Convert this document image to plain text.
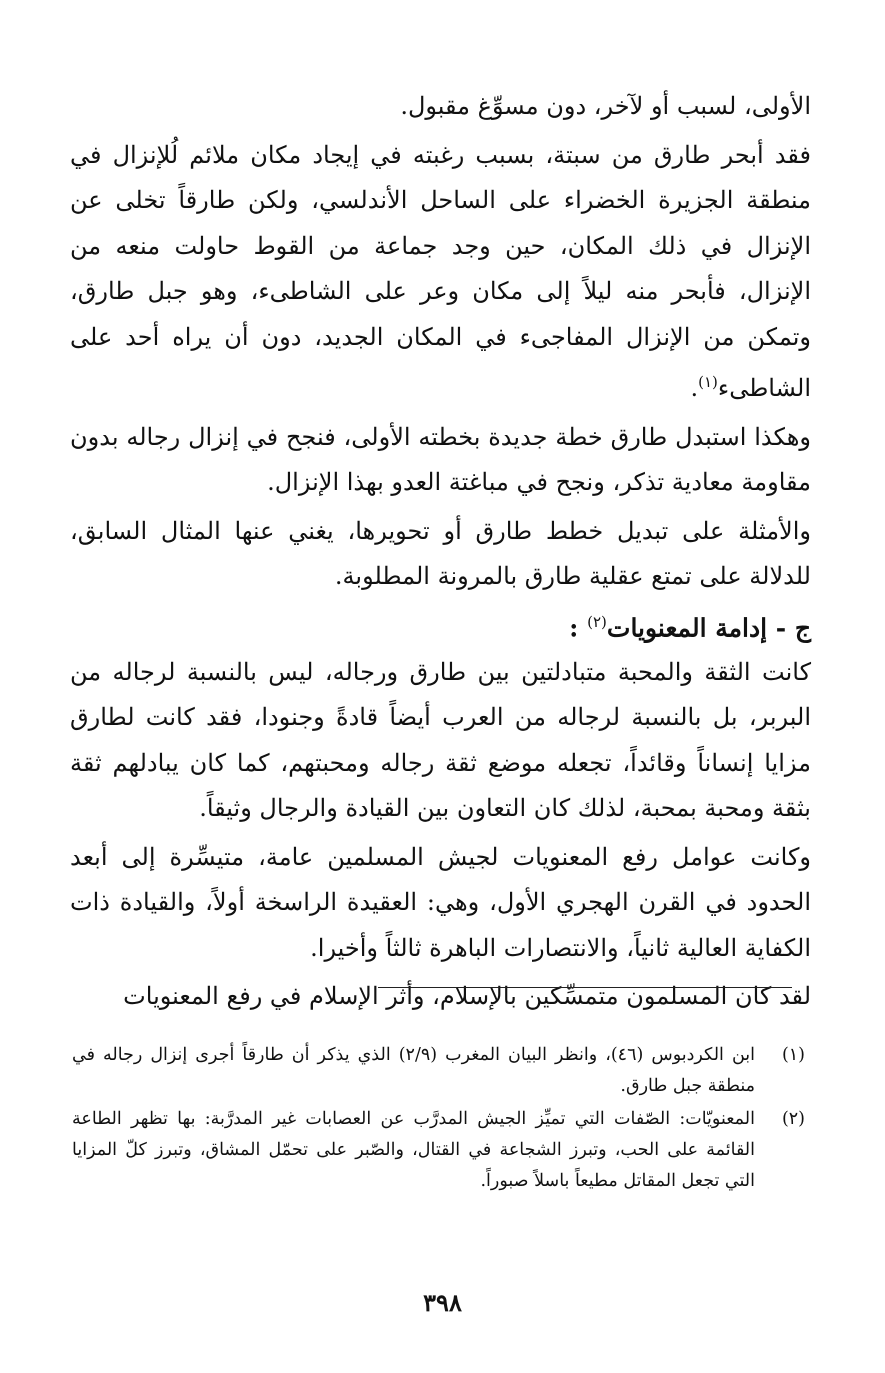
الأولى، لسبب أو لآخر، دون مسوِّغ مقبول.

فقد أبحر طارق من سبتة، بسبب رغبته في إيجاد مكان ملائم لُلإنزال في منطقة الجزيرة الخضراء على الساحل الأندلسي، ولكن طارقاً تخلى عن الإنزال في ذلك المكان، حين وجد جماعة من القوط حاولت منعه من الإنزال، فأبحر منه ليلاً إلى مكان وعر على الشاطىء، وهو جبل طارق، وتمكن من الإنزال المفاجىء في المكان الجديد، دون أن يراه أحد على الشاطىء$^{(١)}$.

وهكذا استبدل طارق خطة جديدة بخطته الأولى، فنجح في إنزال رجاله بدون مقاومة معادية تذكر، ونجح في مباغتة العدو بهذا الإنزال.

والأمثلة على تبديل خطط طارق أو تحويرها، يغني عنها المثال السابق، للدلالة على تمتع عقلية طارق بالمرونة المطلوبة.

ج - إدامة المعنويات$^{(٢)}$ :

كانت الثقة والمحبة متبادلتين بين طارق ورجاله، ليس بالنسبة لرجاله من البربر، بل بالنسبة لرجاله من العرب أيضاً قادةً وجنودا، فقد كانت لطارق مزايا إنساناً وقائداً، تجعله موضع ثقة رجاله ومحبتهم، كما كان يبادلهم ثقة بثقة ومحبة بمحبة، لذلك كان التعاون بين القيادة والرجال وثيقاً.

وكانت عوامل رفع المعنويات لجيش المسلمين عامة، متيسِّرة إلى أبعد الحدود في القرن الهجري الأول، وهي: العقيدة الراسخة أولاً، والقيادة ذات الكفاية العالية ثانياً، والانتصارات الباهرة ثالثاً وأخيرا.

لقد كان المسلمون متمسِّكين بالإسلام، وأثر الإسلام في رفع المعنويات

(١)
ابن الكردبوس (٤٦)، وانظر البيان المغرب (٢/٩) الذي يذكر أن طارقاً أجرى إنزال رجاله في منطقة جبل طارق.
(٢)
المعنويّات: الصّفات التي تميِّز الجيش المدرَّب عن العصابات غير المدرَّبة: بها تظهر الطاعة القائمة على الحب، وتبرز الشجاعة في القتال، والصّبر على تحمّل المشاق، وتبرز كلّ المزايا التي تجعل المقاتل مطيعاً باسلاً صبوراً.
٣٩٨
